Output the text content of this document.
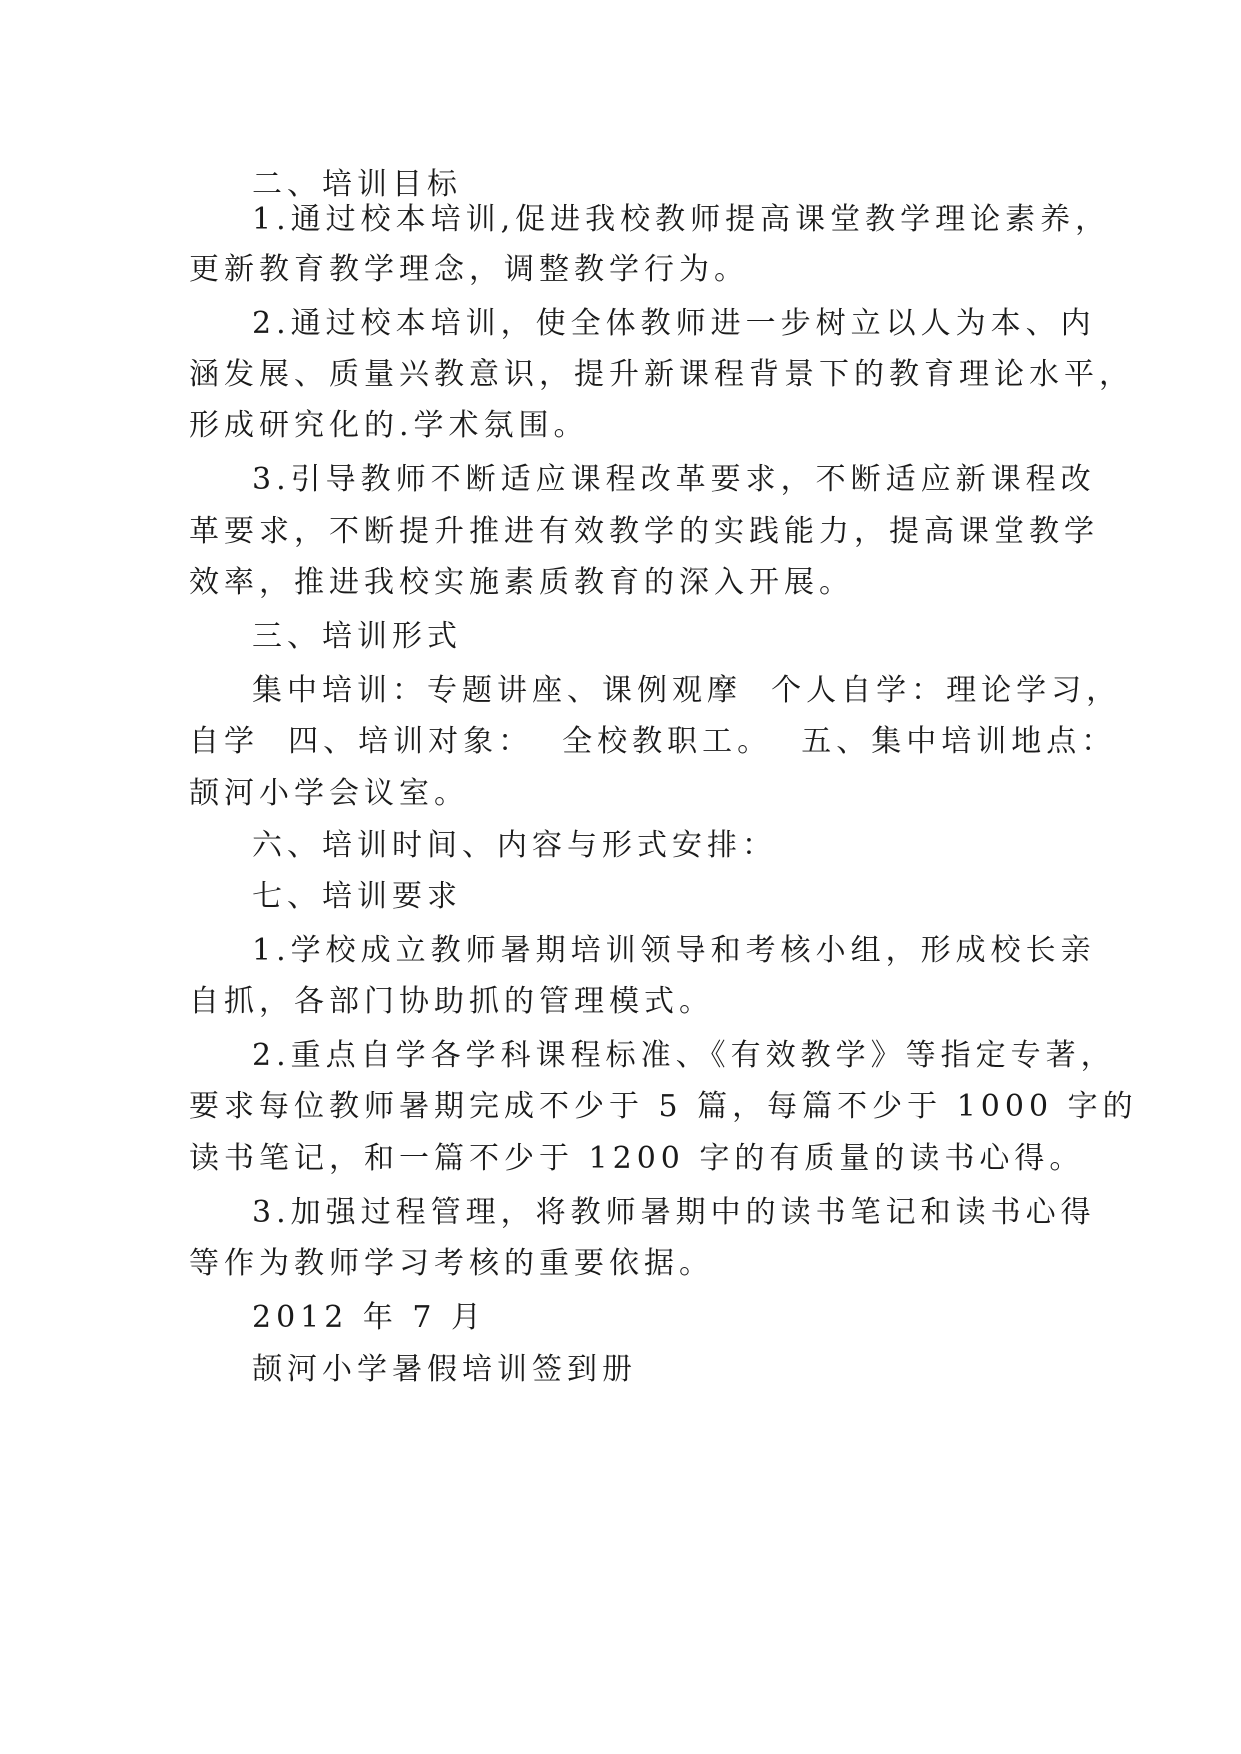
二、培训目标
1.通过校本培训,促进我校教师提高课堂教学理论素养，
更新教育教学理念，调整教学行为。
2.通过校本培训，使全体教师进一步树立以人为本、内
涵发展、质量兴教意识，提升新课程背景下的教育理论水平，
形成研究化的.学术氛围。
3.引导教师不断适应课程改革要求，不断适应新课程改
革要求，不断提升推进有效教学的实践能力，提高课堂教学
效率，推进我校实施素质教育的深入开展。
三、培训形式
集中培训：专题讲座、课例观摩  个人自学：理论学习，
自学  四、培训对象：  全校教职工。  五、集中培训地点：
颉河小学会议室。
六、培训时间、内容与形式安排：
七、培训要求
1.学校成立教师暑期培训领导和考核小组，形成校长亲
自抓，各部门协助抓的管理模式。
2.重点自学各学科课程标准、《有效教学》等指定专著，
要求每位教师暑期完成不少于 5 篇，每篇不少于 1000 字的
读书笔记，和一篇不少于 1200 字的有质量的读书心得。
3.加强过程管理，将教师暑期中的读书笔记和读书心得
等作为教师学习考核的重要依据。
2012 年 7 月
颉河小学暑假培训签到册
